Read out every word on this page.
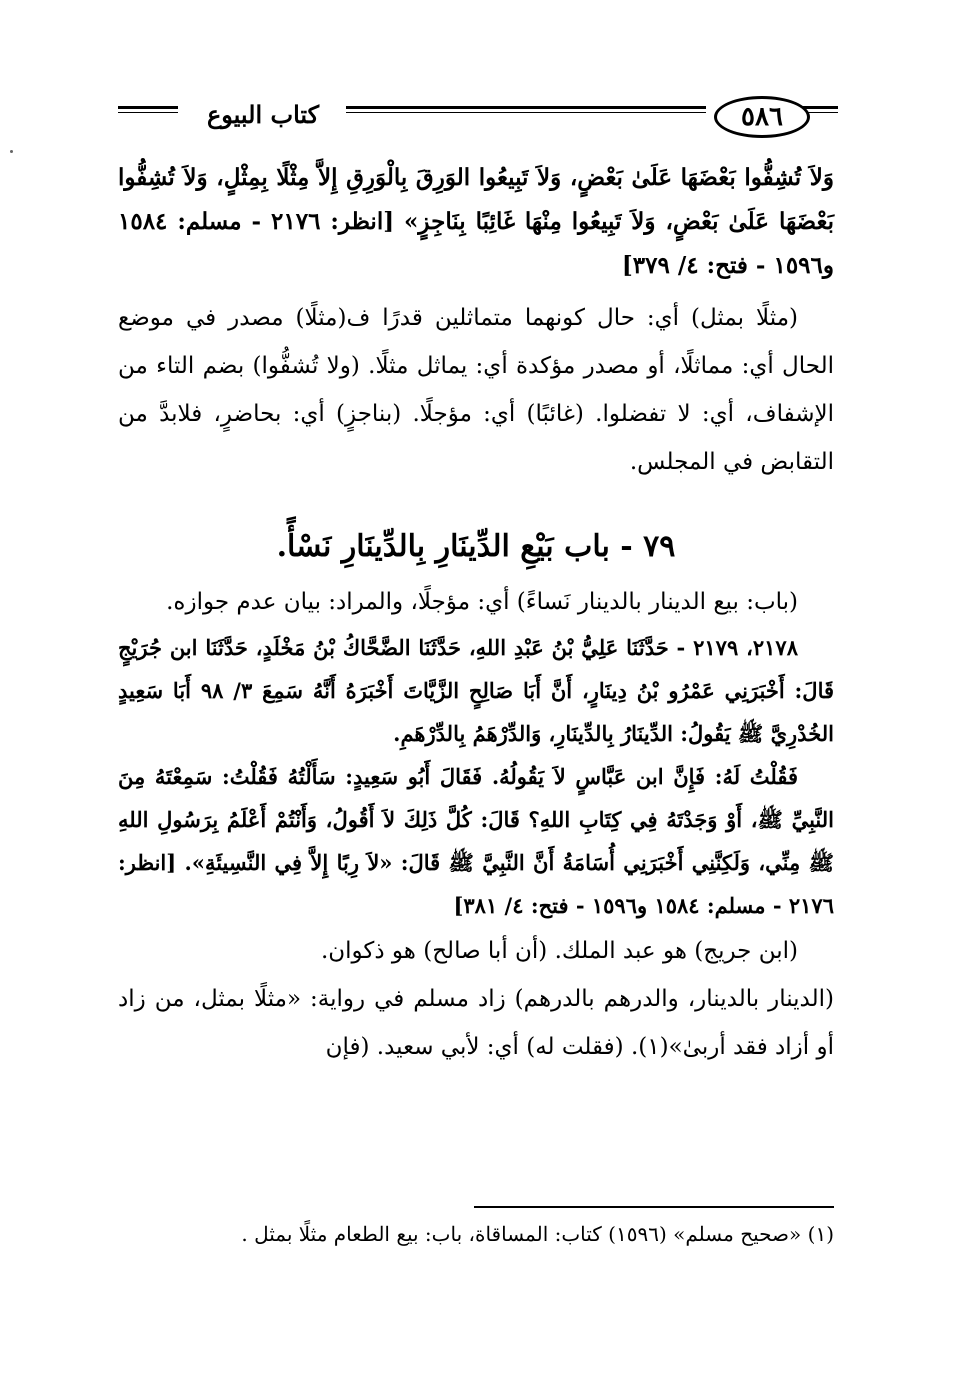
كتاب البيوع	٥٨٦

وَلاَ تُشِفُّوا بَعْضَهَا عَلَىٰ بَعْضٍ، وَلاَ تَبِيعُوا الوَرِقَ بِالْوَرِقِ إِلاَّ مِثْلًا بِمِثْلٍ، وَلاَ تُشِفُّوا بَعْضَهَا عَلَىٰ بَعْضٍ، وَلاَ تَبِيعُوا مِنْهَا غَائِبًا بِنَاجِزٍ» [انظر: ٢١٧٦ - مسلم: ١٥٨٤ و١٥٩٦ - فتح: ٤/ ٣٧٩]

(مثلًا بمثل) أي: حال كونهما متماثلين قدرًا ف(مثلًا) مصدر في موضع الحال أي: مماثلًا، أو مصدر مؤكدة أي: يماثل مثلًا. (ولا تُشفُّوا) بضم التاء من الإشفاف، أي: لا تفضلوا. (غائبًا) أي: مؤجلًا. (بناجزٍ) أي: بحاضرٍ، فلابدَّ من التقابض في المجلس.

٧٩ - باب بَيْعِ الدِّينَارِ بِالدِّينَارِ نَسْأً.

(باب: بيع الدينار بالدينار نَساءً) أي: مؤجلًا، والمراد: بيان عدم جوازه.

٢١٧٨، ٢١٧٩ - حَدَّثَنَا عَلِيُّ بْنُ عَبْدِ اللهِ، حَدَّثَنَا الضَّحَّاكُ بْنُ مَخْلَدٍ، حَدَّثَنَا ابن جُرَيْجٍ قَالَ: أَخْبَرَنِي عَمْرُو بْنُ دِينَارٍ، أَنَّ أَبَا صَالِحٍ الزَّيَّاتَ أَخْبَرَهُ أَنَّهُ سَمِعَ ٣/ ٩٨ أَبَا سَعِيدٍ الخُدْرِيَّ ﷺ يَقُولُ: الدِّينَارُ بِالدِّينَارِ، وَالدِّرْهَمُ بِالدِّرْهَمِ.

فَقُلْتُ لَهُ: فَإِنَّ ابن عَبَّاسٍ لاَ يَقُولُهُ. فَقَالَ أَبُو سَعِيدٍ: سَأَلْتُهُ فَقُلْتُ: سَمِعْتَهُ مِنَ النَّبِيِّ ﷺ، أَوْ وَجَدْتَهُ فِي كِتَابِ اللهِ؟ قَالَ: كُلَّ ذَلِكَ لاَ أَقُولُ، وَأَنْتُمْ أَعْلَمُ بِرَسُولِ اللهِ ﷺ مِنِّي، وَلَكِنَّنِي أَخْبَرَنِي أُسَامَةُ أَنَّ النَّبِيَّ ﷺ قَالَ: «لاَ رِبًا إِلاَّ فِي النَّسِيئَةِ». [انظر: ٢١٧٦ - مسلم: ١٥٨٤ و١٥٩٦ - فتح: ٤/ ٣٨١]

(ابن جريج) هو عبد الملك. (أن أبا صالح) هو ذكوان.

(الدينار بالدينار، والدرهم بالدرهم) زاد مسلم في رواية: «مثلًا بمثل، من زاد أو أزاد فقد أربىٰ»(١). (فقلت له) أي: لأبي سعيد. (فإن

(١) «صحيح مسلم» (١٥٩٦) كتاب: المساقاة، باب: بيع الطعام مثلًا بمثل .
